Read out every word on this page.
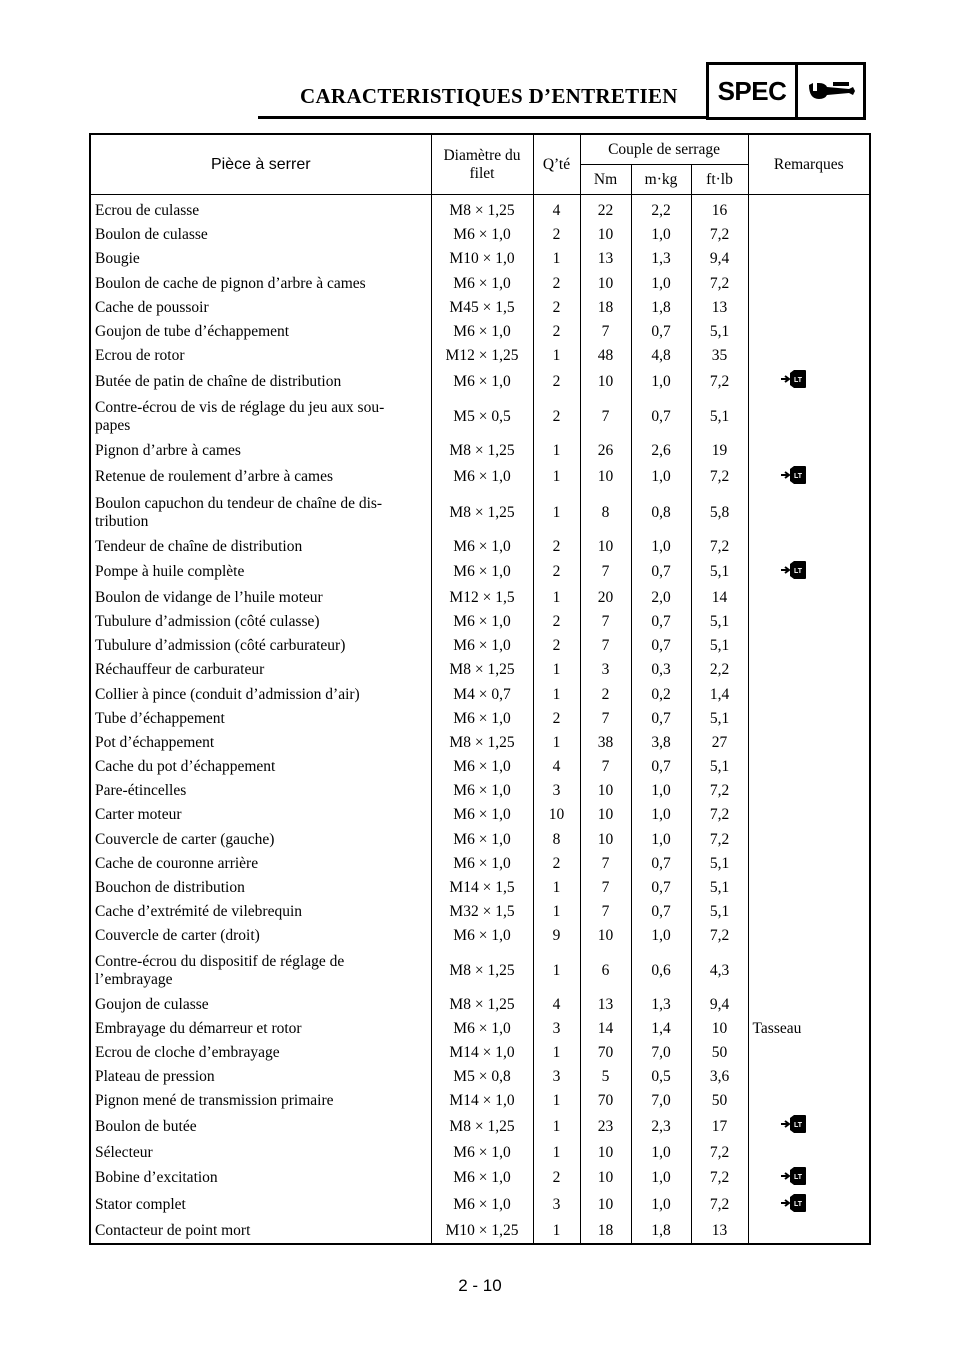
CARACTERISTIQUES D’ENTRETIEN	SPEC
Pièce à serrer	Diamètre du filet	Q’té	Couple de serrage			Remarques
			Nm	m·kg	ft·lb	
Ecrou de culasse	M8 × 1,25	4	22	2,2	16	
Boulon de culasse	M6 × 1,0	2	10	1,0	7,2	
Bougie	M10 × 1,0	1	13	1,3	9,4	
Boulon de cache de pignon d’arbre à cames	M6 × 1,0	2	10	1,0	7,2	
Cache de poussoir	M45 × 1,5	2	18	1,8	13	
Goujon de tube d’échappement	M6 × 1,0	2	7	0,7	5,1	
Ecrou de rotor	M12 × 1,25	1	48	4,8	35	
Butée de patin de chaîne de distribution	M6 × 1,0	2	10	1,0	7,2	LT

Contre-écrou de vis de réglage du jeu aux sou-
papes	M5 × 0,5	2	7	0,7	5,1	
Pignon d’arbre à cames	M8 × 1,25	1	26	2,6	19	
Retenue de roulement d’arbre à cames	M6 × 1,0	1	10	1,0	7,2	LT

Boulon capuchon du tendeur de chaîne de dis-
tribution	M8 × 1,25	1	8	0,8	5,8	
Tendeur de chaîne de distribution	M6 × 1,0	2	10	1,0	7,2	
Pompe à huile complète	M6 × 1,0	2	7	0,7	5,1	LT

Boulon de vidange de l’huile moteur	M12 × 1,5	1	20	2,0	14	
Tubulure d’admission (côté culasse)	M6 × 1,0	2	7	0,7	5,1	
Tubulure d’admission (côté carburateur)	M6 × 1,0	2	7	0,7	5,1	
Réchauffeur de carburateur	M8 × 1,25	1	3	0,3	2,2	
Collier à pince (conduit d’admission d’air)	M4 × 0,7	1	2	0,2	1,4	
Tube d’échappement	M6 × 1,0	2	7	0,7	5,1	
Pot d’échappement	M8 × 1,25	1	38	3,8	27	
Cache du pot d’échappement	M6 × 1,0	4	7	0,7	5,1	
Pare-étincelles	M6 × 1,0	3	10	1,0	7,2	
Carter moteur	M6 × 1,0	10	10	1,0	7,2	
Couvercle de carter (gauche)	M6 × 1,0	8	10	1,0	7,2	
Cache de couronne arrière	M6 × 1,0	2	7	0,7	5,1	
Bouchon de distribution	M14 × 1,5	1	7	0,7	5,1	
Cache d’extrémité de vilebrequin	M32 × 1,5	1	7	0,7	5,1	
Couvercle de carter (droit)	M6 × 1,0	9	10	1,0	7,2	
Contre-écrou du dispositif de réglage de
l’embrayage	M8 × 1,25	1	6	0,6	4,3	
Goujon de culasse	M8 × 1,25	4	13	1,3	9,4	
Embrayage du démarreur et rotor	M6 × 1,0	3	14	1,4	10	Tasseau
Ecrou de cloche d’embrayage	M14 × 1,0	1	70	7,0	50	
Plateau de pression	M5 × 0,8	3	5	0,5	3,6	
Pignon mené de transmission primaire	M14 × 1,0	1	70	7,0	50	
Boulon de butée	M8 × 1,25	1	23	2,3	17	LT

Sélecteur	M6 × 1,0	1	10	1,0	7,2	
Bobine d’excitation	M6 × 1,0	2	10	1,0	7,2	LT

Stator complet	M6 × 1,0	3	10	1,0	7,2	LT

Contacteur de point mort	M10 × 1,25	1	18	1,8	13	
2 - 10
